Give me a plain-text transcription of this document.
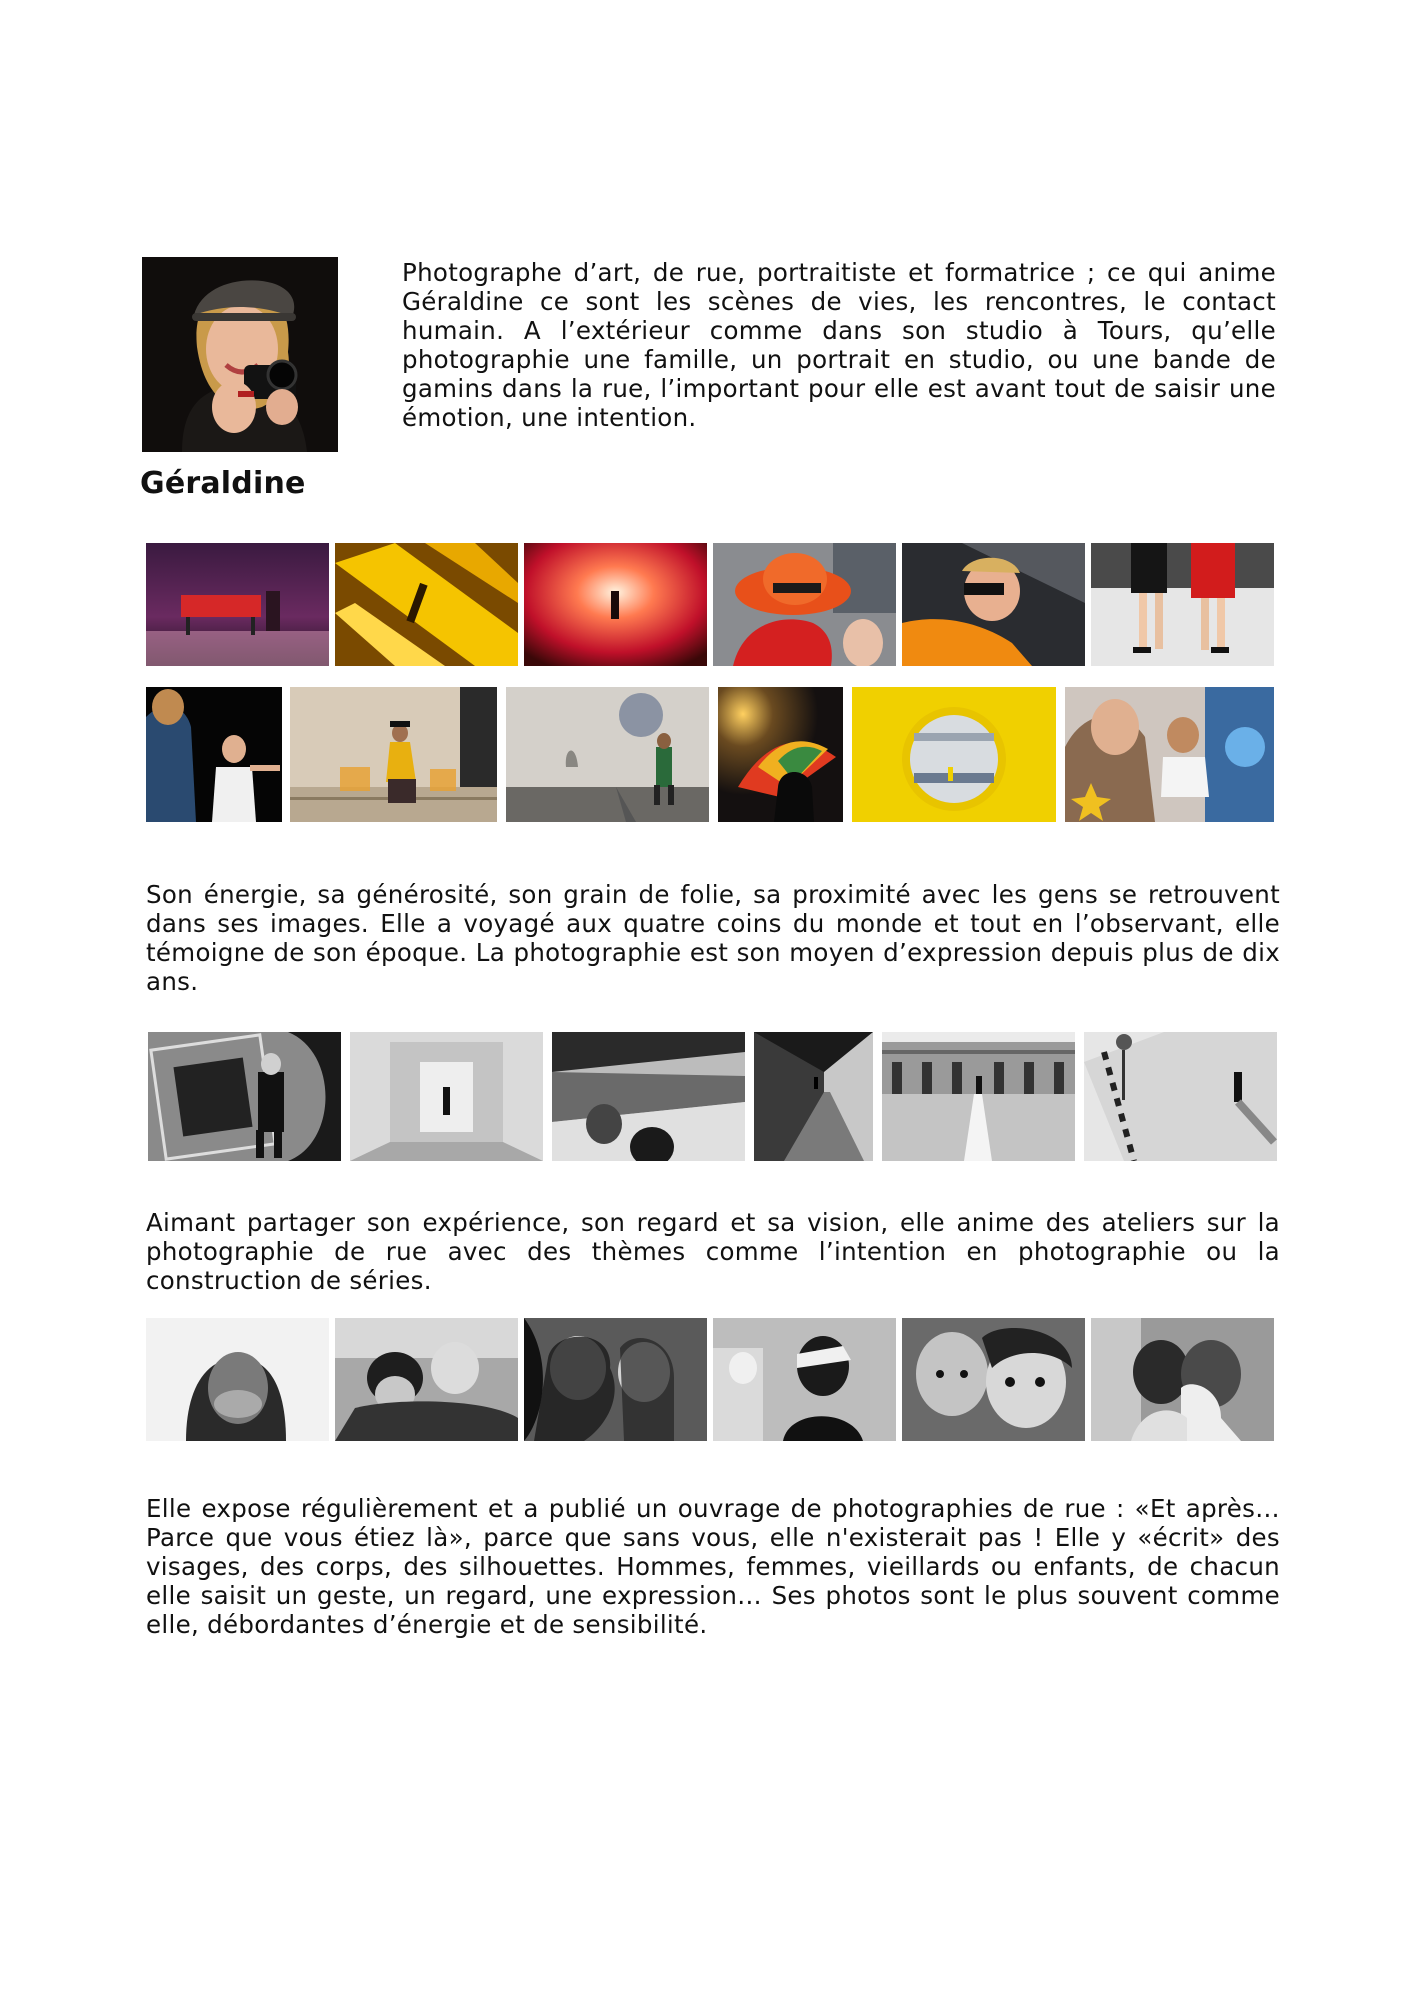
Géraldine

Photographe d’art, de rue, portraitiste et formatrice ; ce qui anime Géraldine ce sont les scènes de vies, les rencontres, le contact humain. A l’extérieur comme dans son studio à Tours, qu’elle photographie une famille, un portrait en studio, ou une bande de gamins dans la rue, l’important pour elle est avant tout de saisir une émotion, une intention.

Son énergie, sa générosité, son grain de folie, sa proximité avec les gens se retrouvent dans ses images. Elle a voyagé aux quatre coins du monde et tout en l’observant, elle témoigne de son époque. La photographie est son moyen d’expression depuis plus de dix ans.

Aimant partager son expérience, son regard et sa vision, elle anime des ateliers sur la photographie de rue avec des thèmes comme l’intention en photographie ou la construction de séries.

Elle expose régulièrement et a publié un ouvrage de photographies de rue : «Et après… Parce que vous étiez là», parce que sans vous, elle n'existerait pas ! Elle y «écrit» des visages, des corps, des silhouettes. Hommes, femmes, vieillards ou enfants, de chacun elle saisit un geste, un regard, une expression… Ses photos sont le plus souvent comme elle, débordantes d’énergie et de sensibilité.
